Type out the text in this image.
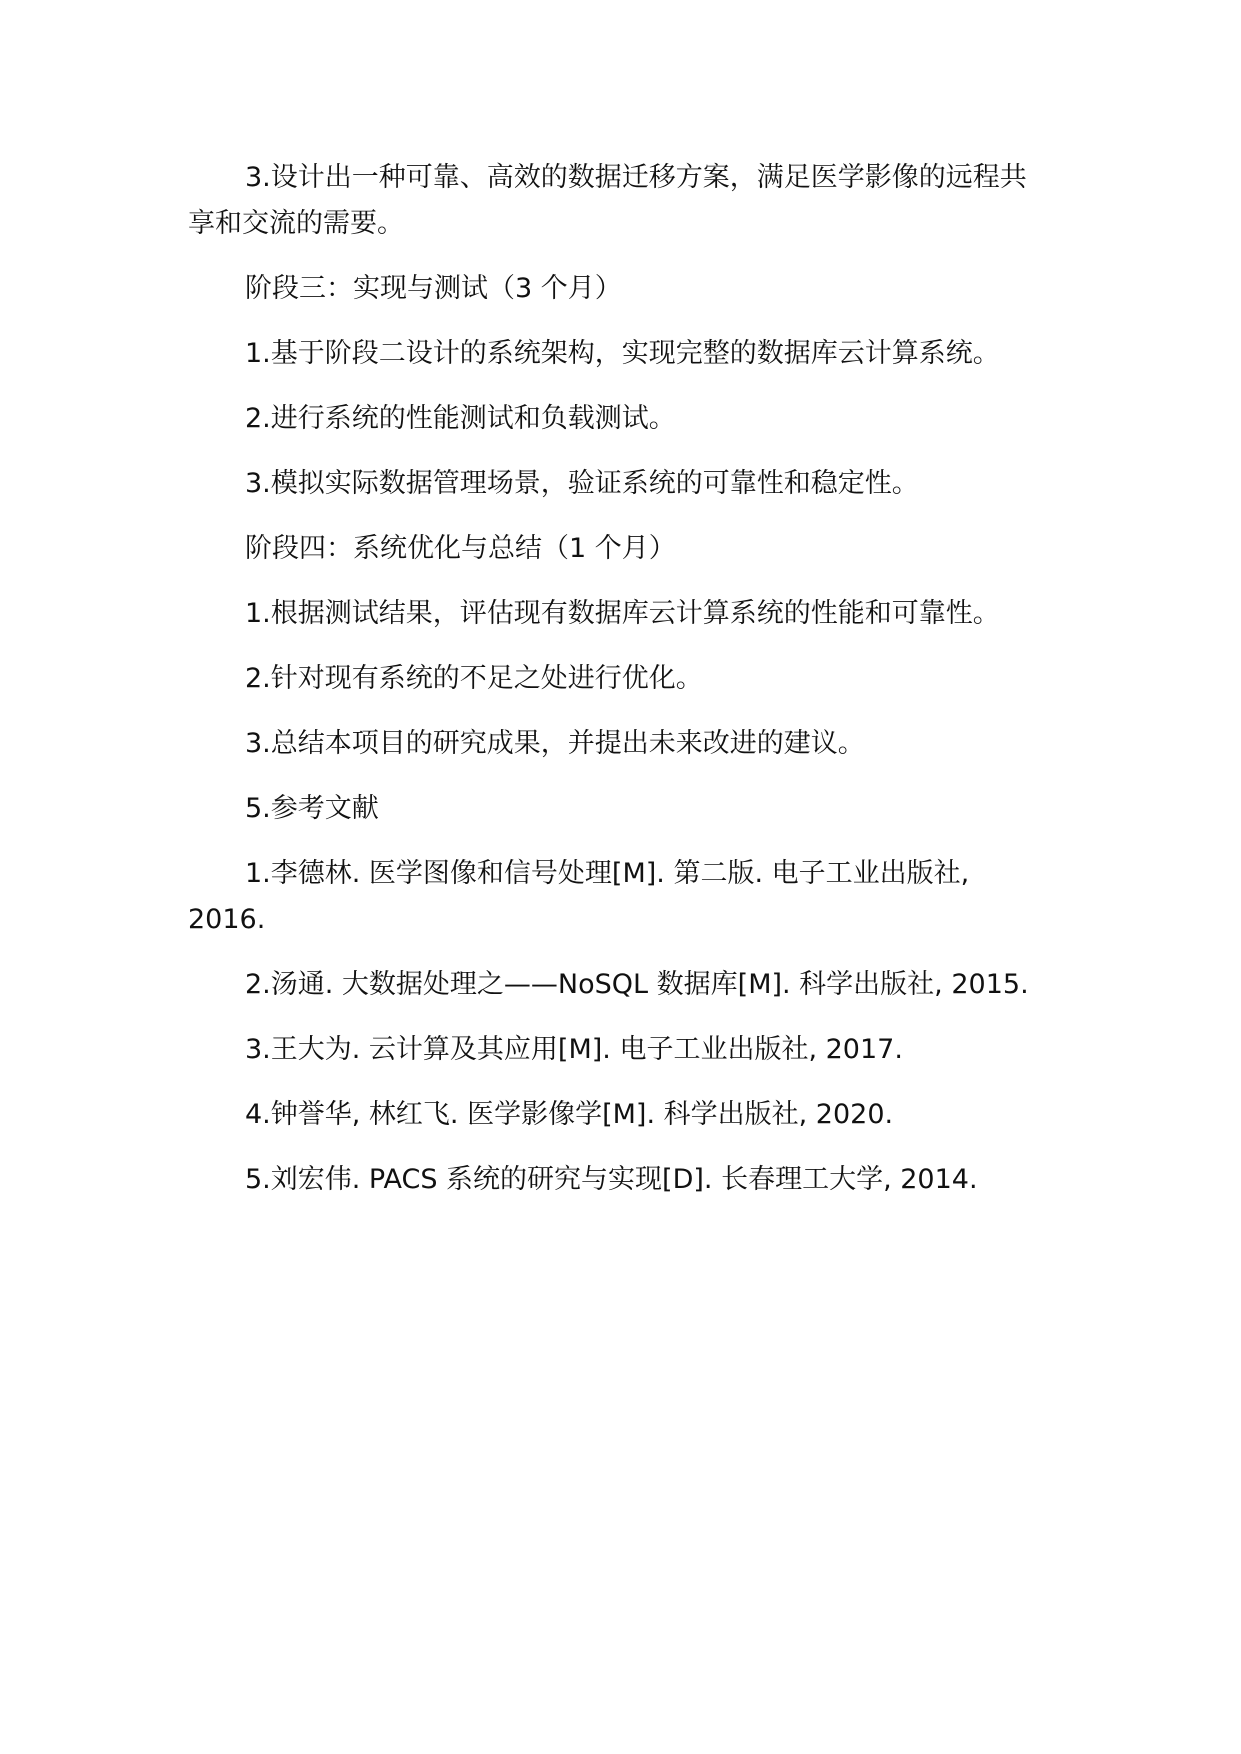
3.设计出一种可靠、高效的数据迁移方案，满足医学影像的远程共享和交流的需要。

阶段三：实现与测试（3 个月）

1.基于阶段二设计的系统架构，实现完整的数据库云计算系统。

2.进行系统的性能测试和负载测试。

3.模拟实际数据管理场景，验证系统的可靠性和稳定性。

阶段四：系统优化与总结（1 个月）

1.根据测试结果，评估现有数据库云计算系统的性能和可靠性。

2.针对现有系统的不足之处进行优化。

3.总结本项目的研究成果，并提出未来改进的建议。

5.参考文献

1.李德林. 医学图像和信号处理[M]. 第二版. 电子工业出版社, 2016.

2.汤通. 大数据处理之——NoSQL 数据库[M]. 科学出版社, 2015.

3.王大为. 云计算及其应用[M]. 电子工业出版社, 2017.

4.钟誉华, 林红飞. 医学影像学[M]. 科学出版社, 2020.

5.刘宏伟. PACS 系统的研究与实现[D]. 长春理工大学, 2014.
